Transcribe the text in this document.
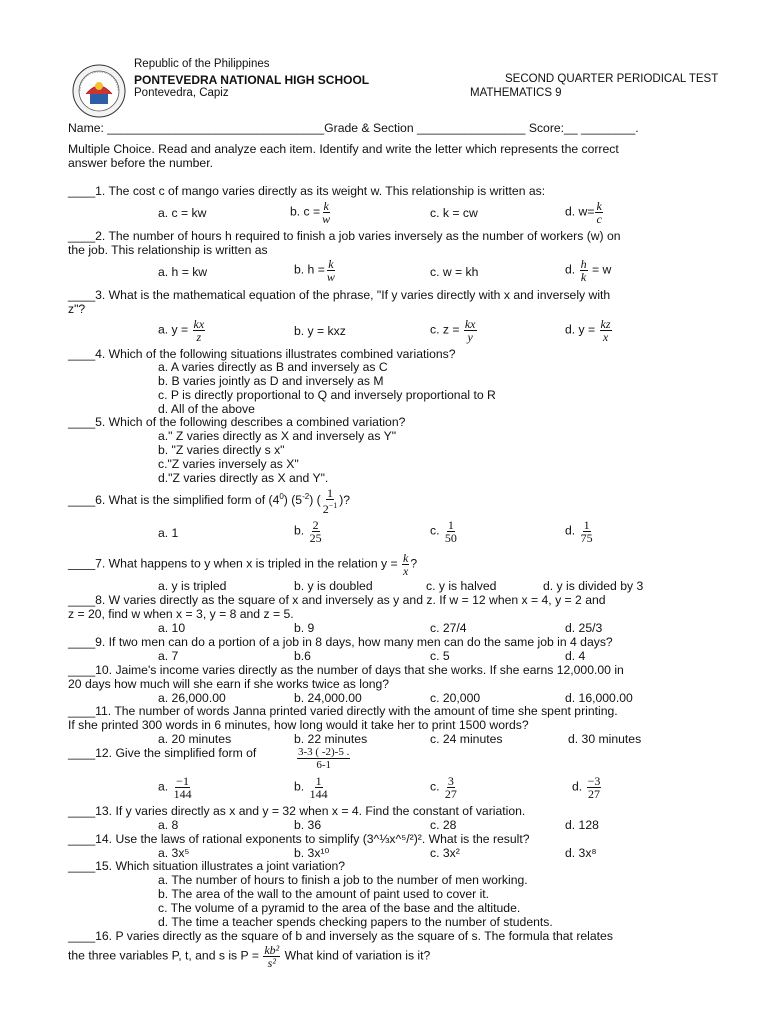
Republic of the Philippines
PONTEVEDRA NATIONAL HIGH SCHOOL
Pontevedra, Capiz
SECOND QUARTER PERIODICAL TEST
MATHEMATICS 9
Name: ________________________________Grade & Section ________________ Score:__ ________.
Multiple Choice. Read and analyze each item. Identify and write the letter which represents the correct
answer before the number.
____1. The cost c of mango varies directly as its weight w. This relationship is written as:
a. c = kw	b. $c = \frac{k}{w}$	c. k = cw	d. $w= \frac{k}{c}$
____2. The number of hours h required to finish a job varies inversely as the number of workers (w) on
the job. This relationship is written as
a. h = kw	b. $h = \frac{k}{w}$	c. w = kh	d. $\frac{h}{k} = w$
____3. What is the mathematical equation of the phrase, "If y varies directly with x and inversely with
z"?
a. $y = \frac{kx}{z}$	b. y = kxz	c. $z = \frac{kx}{y}$	d. $y = \frac{kz}{x}$
____4. Which of the following situations illustrates combined variations?
a. A varies directly as B and inversely as C
b. B varies jointly as D and inversely as M
c. P is directly proportional to Q and inversely proportional to R
d. All of the above
____5. Which of the following describes a combined variation?
a." Z varies directly as X and inversely as Y"
b. "Z varies directly s x"
c."Z varies inversely as X"
d."Z varies directly as X and Y".
____6. What is the simplified form of $(4^0)$ $(5^{-2})$ ( $\frac{1}{2^{-1}}$ )?
a. 1	b. $\frac{2}{25}$	c. $\frac{1}{50}$	d. $\frac{1}{75}$
____7. What happens to y when x is tripled in the relation $y = \frac{k}{x}$ ?
a. y is tripled	b. y is doubled	c. y is halved	d. y is divided by 3
____8. W varies directly as the square of x and inversely as y and z. If w = 12 when x = 4, y = 2 and
z = 20, find w when x = 3, y = 8 and z = 5.
a. 10	b. 9	c. 27/4	d. 25/3
____9. If two men can do a portion of a job in 8 days, how many men can do the same job in 4 days?
a. 7	b.6	c. 5	d. 4
____10. Jaime's income varies directly as the number of days that she works. If she earns 12,000.00 in
20 days how much will she earn if she works twice as long?
a. 26,000.00	b. 24,000.00	c. 20,000	d. 16,000.00
____11. The number of words Janna printed varied directly with the amount of time she spent printing.
If she printed 300 words in 6 minutes, how long would it take her to print 1500 words?
a. 20 minutes	b. 22 minutes	c. 24 minutes	d. 30 minutes
____12. Give the simplified form of	$\frac{3-3 ( -2)-5 .}{6-1}$
a. $\frac{-1}{144}$	b. $\frac{1}{144}$	c. $\frac{3}{27}$	d. $\frac{-3}{27}$
____13. If y varies directly as x and y = 32 when x = 4. Find the constant of variation.
a. 8	b. 36	c. 28	d. 128
____14. Use the laws of rational exponents to simplify (3^⅓x^⁵/²)². What is the result?
a. 3x⁵	b. 3x¹⁰	c. 3x²	d. 3x⁸
____15. Which situation illustrates a joint variation?
a. The number of hours to finish a job to the number of men working.
b. The area of the wall to the amount of paint used to cover it.
c. The volume of a pyramid to the area of the base and the altitude.
d. The time a teacher spends checking papers to the number of students.
____16. P varies directly as the square of b and inversely as the square of s. The formula that relates
the three variables P, t, and s is $P = \frac{\text{kb²}}{\text{s²}}$ What kind of variation is it?
